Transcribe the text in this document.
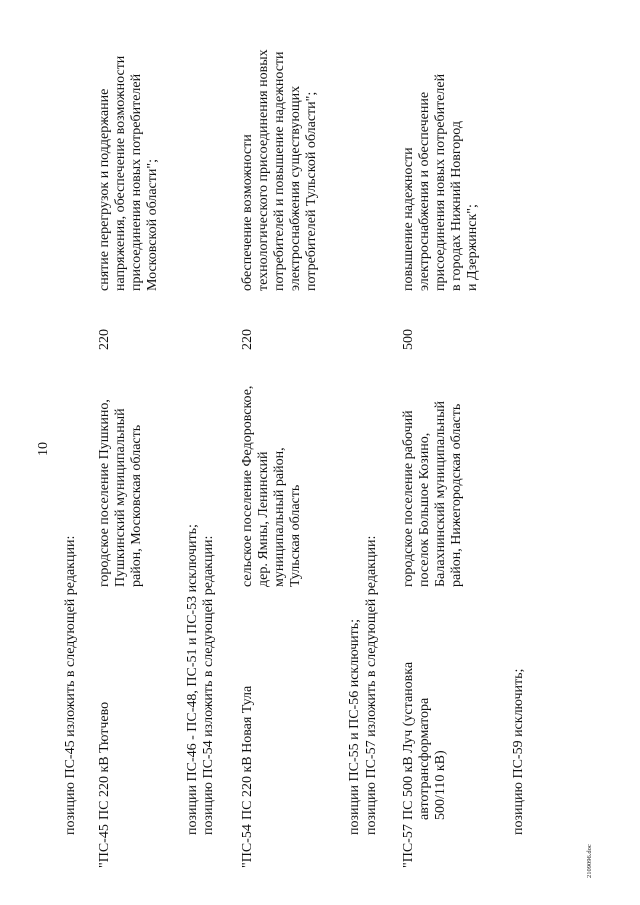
10
позицию ПС-45 изложить в следующей редакции:
"ПС-45
ПС 220 кВ Тютчево
городское поселение Пушкино, Пушкинский муниципальный район, Московская область
220
снятие перегрузок и поддержание напряжения, обеспечение возможности присоединения новых потребителей Московской области";
позиции ПС-46 - ПС-48, ПС-51 и ПС-53 исключить; позицию ПС-54 изложить в следующей редакции:
"ПС-54
ПС 220 кВ Новая Тула
сельское поселение Федоровское, дер. Ямны, Ленинский муниципальный район, Тульская область
220
обеспечение возможности технологического присоединения новых потребителей и повышение надежности электроснабжения существующих потребителей Тульской области";
позиции ПС-55 и ПС-56 исключить; позицию ПС-57 изложить в следующей редакции:
"ПС-57
ПС 500 кВ Луч (установка автотрансформатора 500/110 кВ)
городское поселение рабочий поселок Большое Козино, Балахнинский муниципальный район, Нижегородская область
500
повышение надежности электроснабжения и обеспечение присоединения новых потребителей в городах Нижний Новгород и Дзержинск";
позицию ПС-59 исключить;
2109096.doc
